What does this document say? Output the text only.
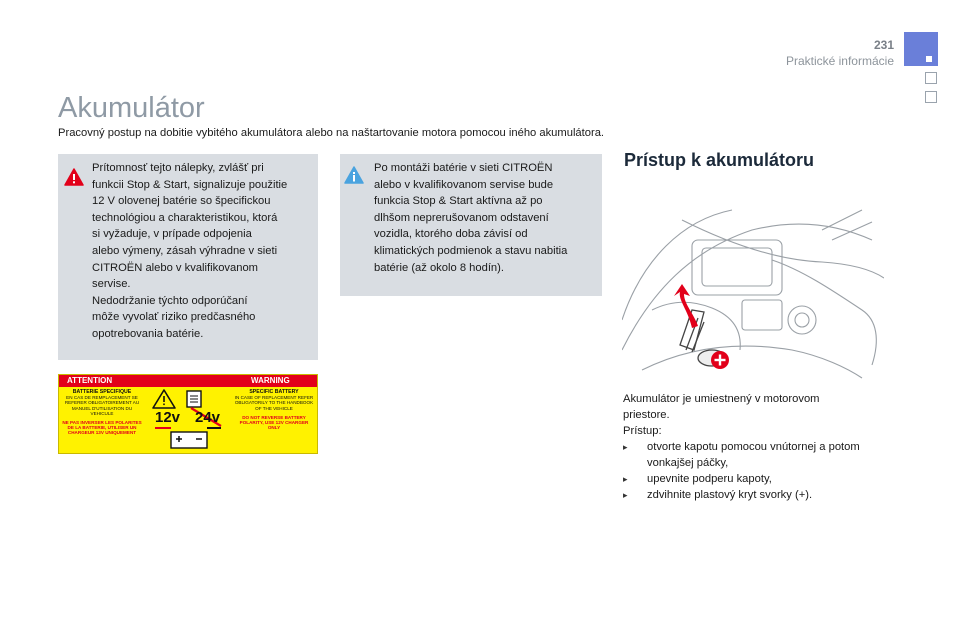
231
Praktické informácie
Akumulátor
Pracovný postup na dobitie vybitého akumulátora alebo na naštartovanie motora pomocou iného akumulátora.
Prítomnosť tejto nálepky, zvlášť pri
funkcii Stop & Start, signalizuje použitie
12 V olovenej batérie so špecifickou
technológiou a charakteristikou, ktorá
si vyžaduje, v prípade odpojenia
alebo výmeny, zásah výhradne v sieti
CITROËN alebo v kvalifikovanom
servise.
Nedodržanie týchto odporúčaní
môže vyvolať riziko predčasného
opotrebovania batérie.
Po montáži batérie v sieti CITROËN
alebo v kvalifikovanom servise bude
funkcia Stop & Start aktívna až po
dlhšom neprerušovanom odstavení
vozidla, ktorého doba závisí od
klimatických podmienok a stavu nabitia
batérie (až okolo 8 hodín).
ATTENTION	WARNING
BATTERIE SPECIFIQUE
EN CAS DE REMPLACEMENT SE REFERER OBLIGATOIREMENT AU MANUEL D'UTILISATION DU VEHICULE
NE PAS INVERSER LES POLARITES DE LA BATTERIE, UTILISER UN CHARGEUR 13V UNIQUEMENT
SPECIFIC BATTERY
IN CASE OF REPLACEMENT REFER OBLIGATORILY TO THE HANDBOOK OF THE VEHICLE
DO NOT REVERSE BATTERY POLARITY, USE 12V CHARGER ONLY
12v 24v
Prístup k akumulátoru
Akumulátor je umiestnený v motorovom
priestore.
Prístup:
▸ otvorte kapotu pomocou vnútornej a potom vonkajšej páčky,
▸ upevnite podperu kapoty,
▸ zdvihnite plastový kryt svorky (+).
